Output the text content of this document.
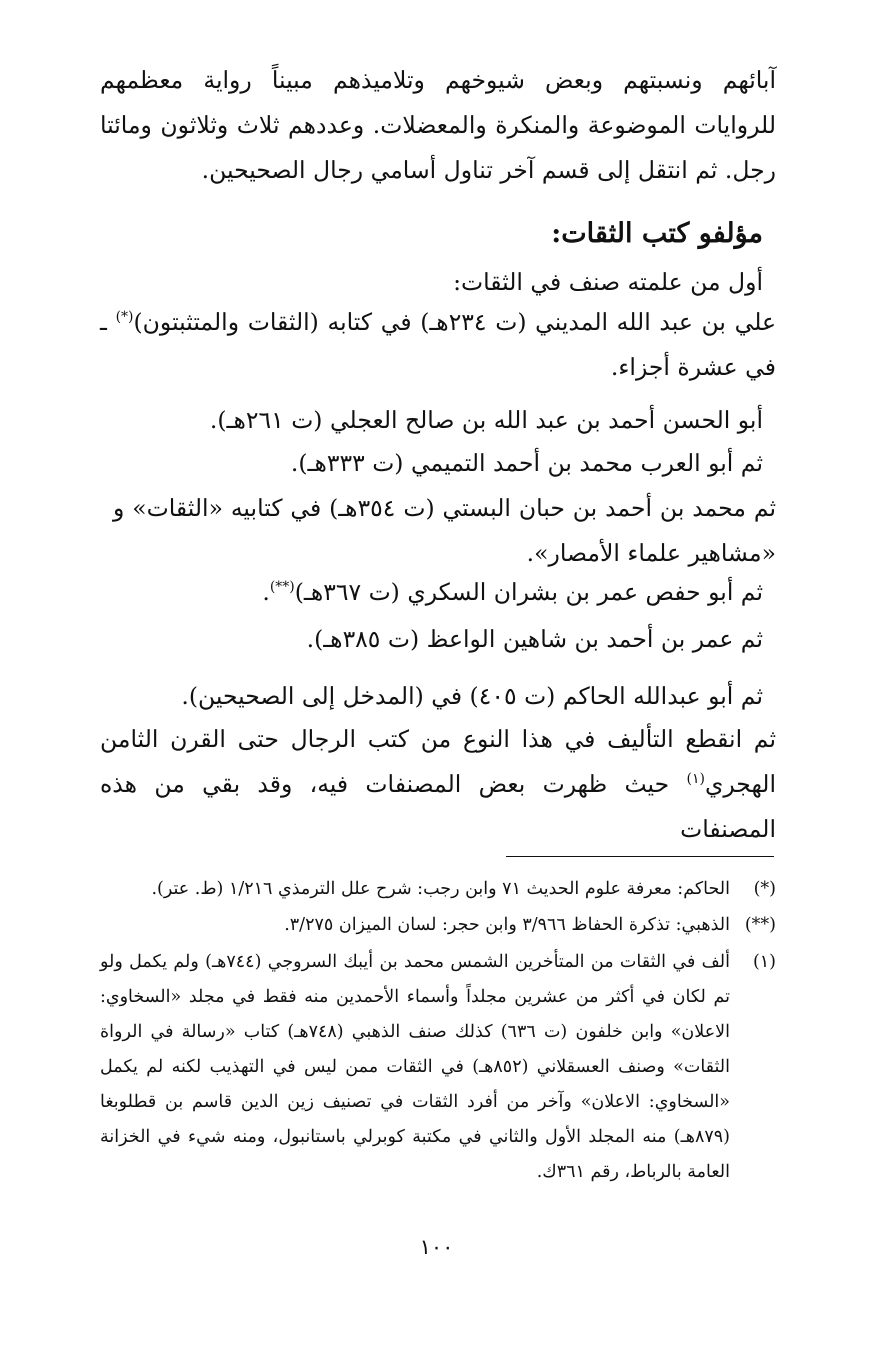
آبائهم ونسبتهم وبعض شيوخهم وتلاميذهم مبيناً رواية معظمهم للروايات الموضوعة والمنكرة والمعضلات. وعددهم ثلاث وثلاثون ومائتا رجل. ثم انتقل إلى قسم آخر تناول أسامي رجال الصحيحين.

مؤلفو كتب الثقات:
أول من علمته صنف في الثقات:

علي بن عبد الله المديني (ت ٢٣٤هـ) في كتابه (الثقات والمتثبتون)(*) ـ في عشرة أجزاء.

أبو الحسن أحمد بن عبد الله بن صالح العجلي (ت ٢٦١هـ).
ثم أبو العرب محمد بن أحمد التميمي (ت ٣٣٣هـ).

ثم محمد بن أحمد بن حبان البستي (ت ٣٥٤هـ) في كتابيه «الثقات» و «مشاهير علماء الأمصار».

ثم أبو حفص عمر بن بشران السكري (ت ٣٦٧هـ)(**).
ثم عمر بن أحمد بن شاهين الواعظ (ت ٣٨٥هـ).
ثم أبو عبدالله الحاكم (ت ٤٠٥) في (المدخل إلى الصحيحين).

ثم انقطع التأليف في هذا النوع من كتب الرجال حتى القرن الثامن الهجري$^{(١)}$ حيث ظهرت بعض المصنفات فيه، وقد بقي من هذه المصنفات

(*)
الحاكم: معرفة علوم الحديث ٧١ وابن رجب: شرح علل الترمذي ١/٢١٦ (ط. عتر).
(**)
الذهبي: تذكرة الحفاظ ٣/٩٦٦ وابن حجر: لسان الميزان ٣/٢٧٥.
(١)
ألف في الثقات من المتأخرين الشمس محمد بن أيبك السروجي (٧٤٤هـ) ولم يكمل ولو تم لكان في أكثر من عشرين مجلداً وأسماء الأحمدين منه فقط في مجلد «السخاوي: الاعلان» وابن خلفون (ت ٦٣٦) كذلك صنف الذهبي (٧٤٨هـ) كتاب «رسالة في الرواة الثقات» وصنف العسقلاني (٨٥٢هـ) في الثقات ممن ليس في التهذيب لكنه لم يكمل «السخاوي: الاعلان» وآخر من أفرد الثقات في تصنيف زين الدين قاسم بن قطلوبغا (٨٧٩هـ) منه المجلد الأول والثاني في مكتبة كوبرلي باستانبول، ومنه شيء في الخزانة العامة بالرباط، رقم ٣٦١ك.
١٠٠
